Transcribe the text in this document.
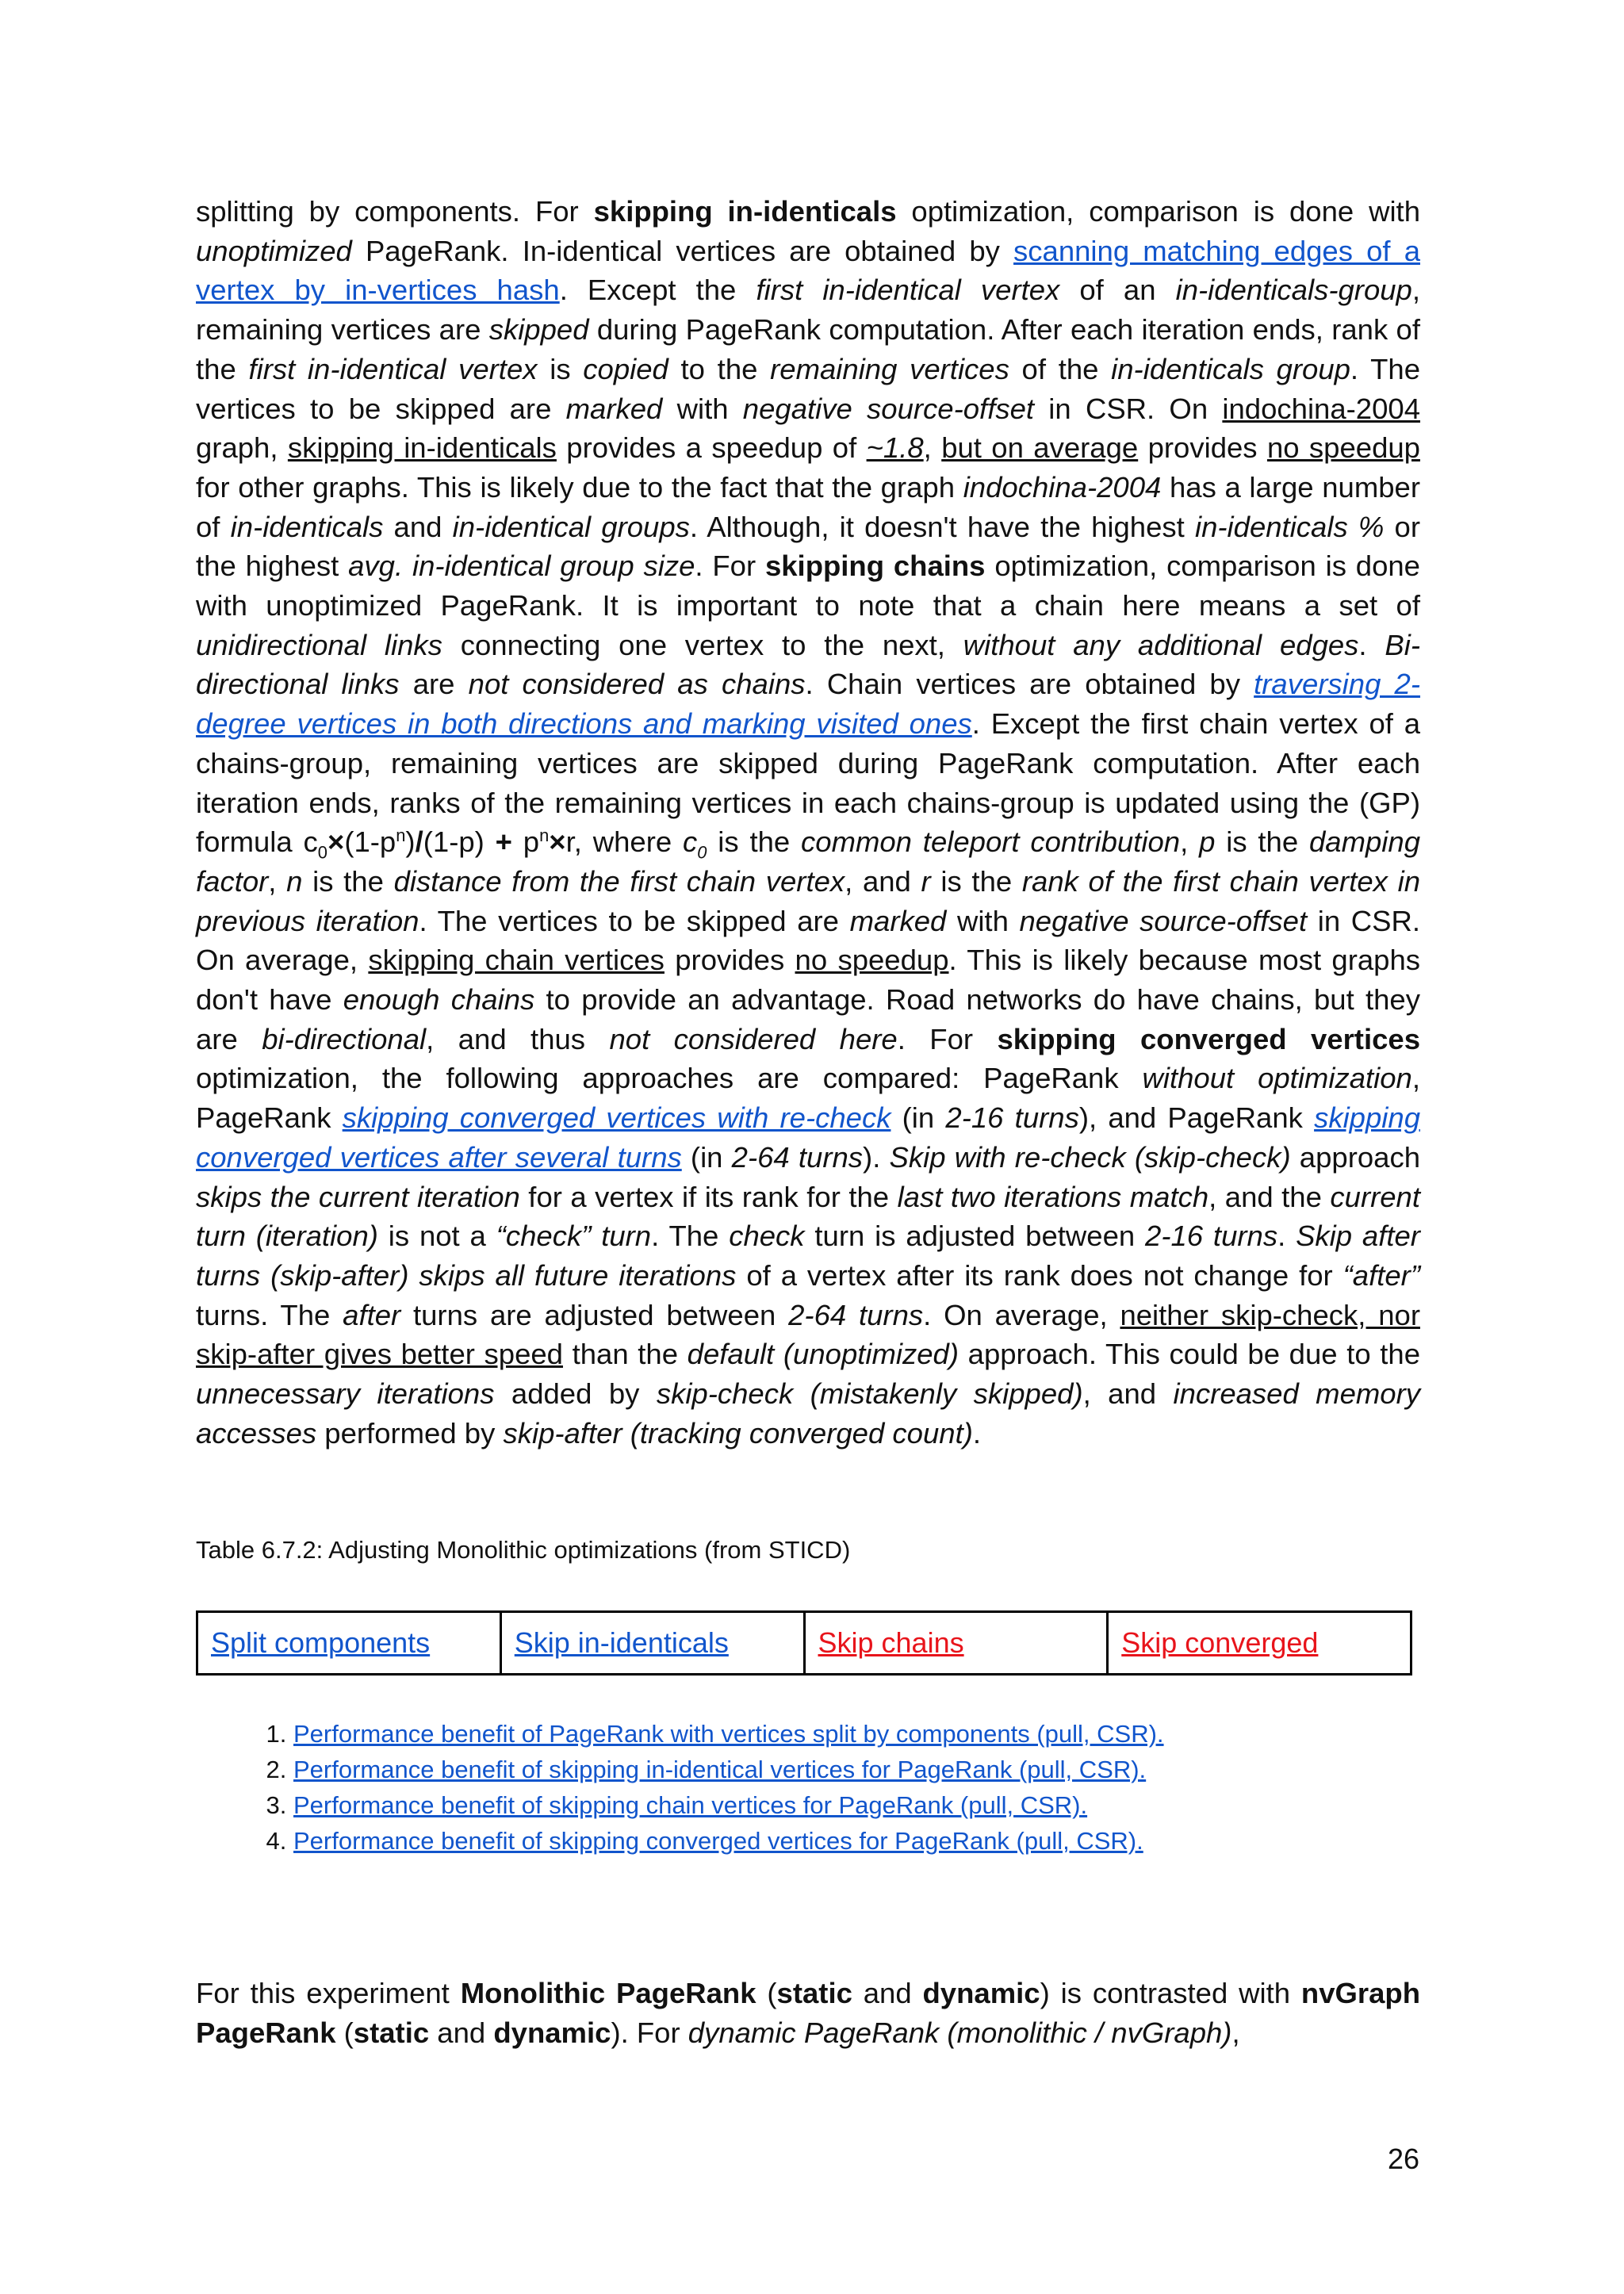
splitting by components. For skipping in-identicals optimization, comparison is done with unoptimized PageRank. In-identical vertices are obtained by scanning matching edges of a vertex by in-vertices hash. Except the first in-identical vertex of an in-identicals-group, remaining vertices are skipped during PageRank computation. After each iteration ends, rank of the first in-identical vertex is copied to the remaining vertices of the in-identicals group. The vertices to be skipped are marked with negative source-offset in CSR. On indochina-2004 graph, skipping in-identicals provides a speedup of ~1.8, but on average provides no speedup for other graphs. This is likely due to the fact that the graph indochina-2004 has a large number of in-identicals and in-identical groups. Although, it doesn't have the highest in-identicals % or the highest avg. in-identical group size. For skipping chains optimization, comparison is done with unoptimized PageRank. It is important to note that a chain here means a set of unidirectional links connecting one vertex to the next, without any additional edges. Bi-directional links are not considered as chains. Chain vertices are obtained by traversing 2-degree vertices in both directions and marking visited ones. Except the first chain vertex of a chains-group, remaining vertices are skipped during PageRank computation. After each iteration ends, ranks of the remaining vertices in each chains-group is updated using the (GP) formula $c_0\times(1-p^n)/(1-p) + p^n\times r$, where $c_0$ is the common teleport contribution, p is the damping factor, n is the distance from the first chain vertex, and r is the rank of the first chain vertex in previous iteration. The vertices to be skipped are marked with negative source-offset in CSR. On average, skipping chain vertices provides no speedup. This is likely because most graphs don't have enough chains to provide an advantage. Road networks do have chains, but they are bi-directional, and thus not considered here. For skipping converged vertices optimization, the following approaches are compared: PageRank without optimization, PageRank skipping converged vertices with re-check (in 2-16 turns), and PageRank skipping converged vertices after several turns (in 2-64 turns). Skip with re-check (skip-check) approach skips the current iteration for a vertex if its rank for the last two iterations match, and the current turn (iteration) is not a “check” turn. The check turn is adjusted between 2-16 turns. Skip after turns (skip-after) skips all future iterations of a vertex after its rank does not change for “after” turns. The after turns are adjusted between 2-64 turns. On average, neither skip-check, nor skip-after gives better speed than the default (unoptimized) approach. This could be due to the unnecessary iterations added by skip-check (mistakenly skipped), and increased memory accesses performed by skip-after (tracking converged count).

Table 6.7.2: Adjusting Monolithic optimizations (from STICD)
Split components	Skip in-identicals	Skip chains	Skip converged
1. Performance benefit of PageRank with vertices split by components (pull, CSR).
2. Performance benefit of skipping in-identical vertices for PageRank (pull, CSR).
3. Performance benefit of skipping chain vertices for PageRank (pull, CSR).
4. Performance benefit of skipping converged vertices for PageRank (pull, CSR).

For this experiment Monolithic PageRank (static and dynamic) is contrasted with nvGraph PageRank (static and dynamic). For dynamic PageRank (monolithic / nvGraph),

26
